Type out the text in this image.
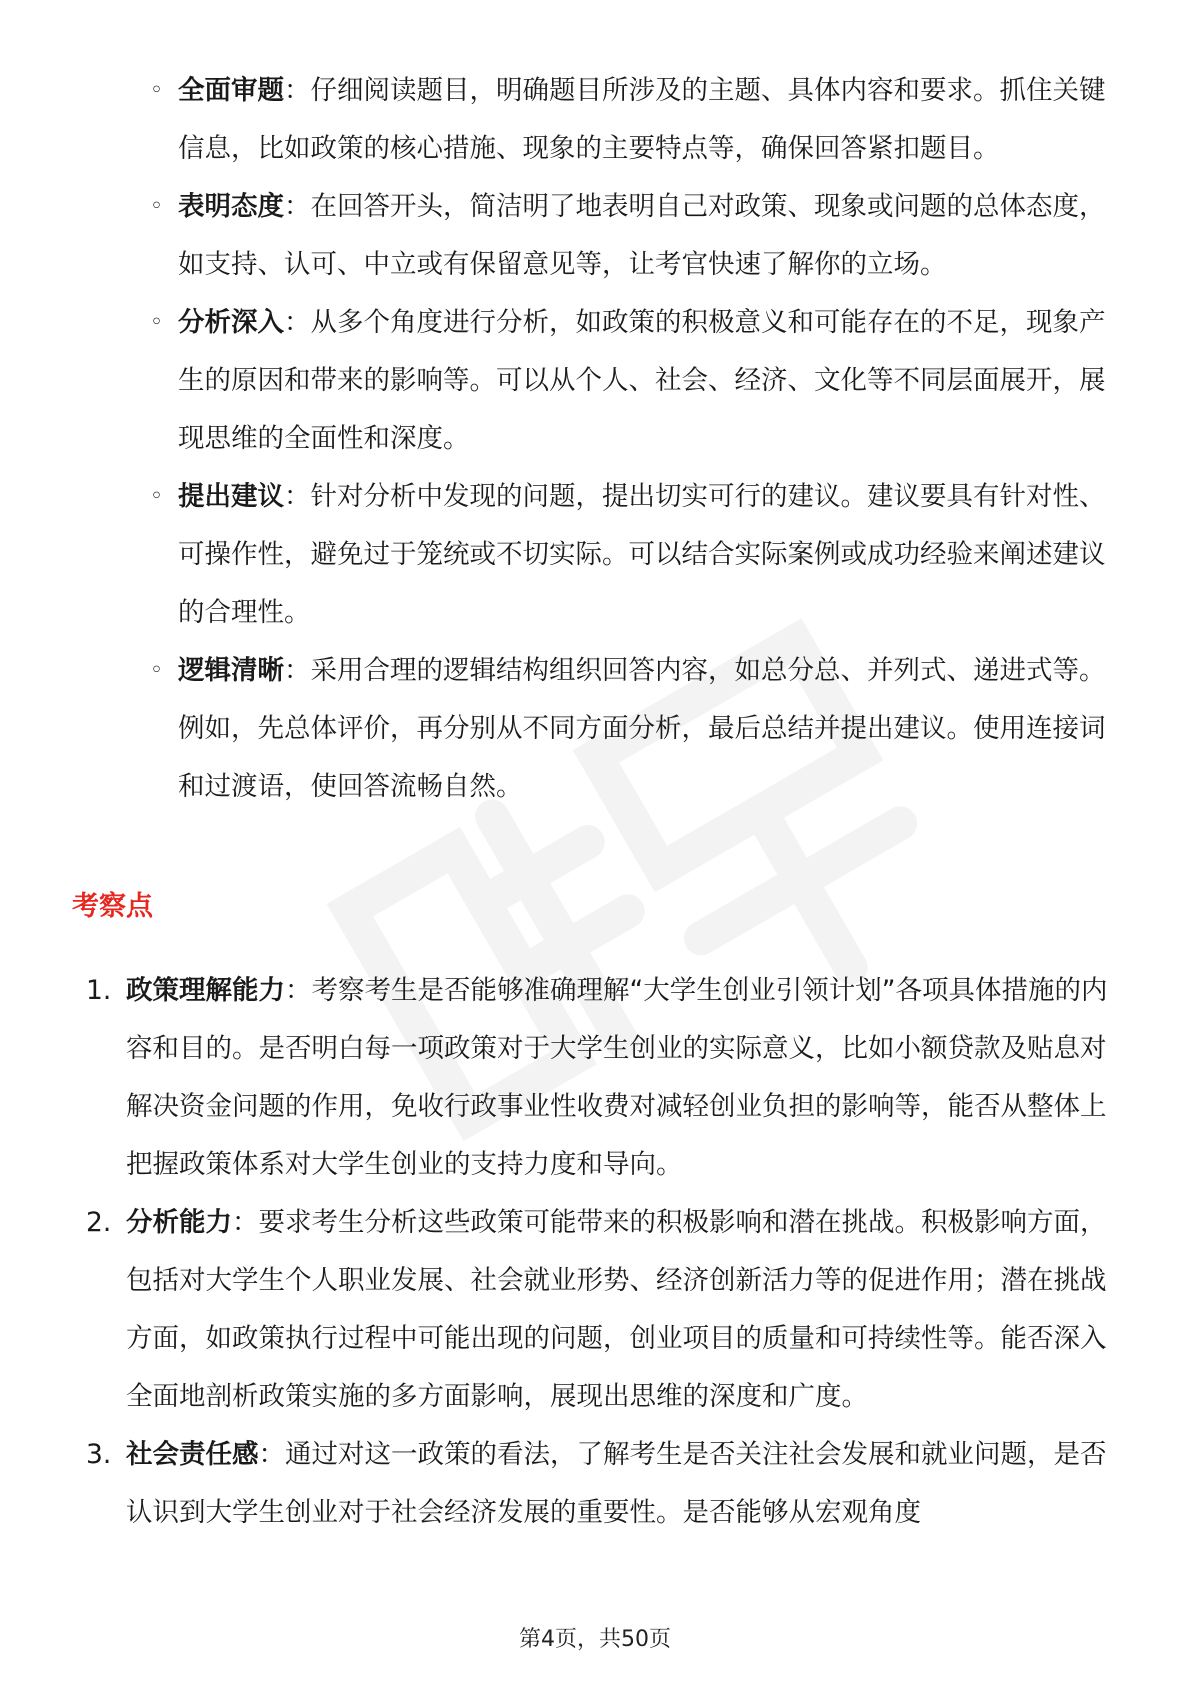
◦ 全面审题：仔细阅读题目，明确题目所涉及的主题、具体内容和要求。抓住关键信息，比如政策的核心措施、现象的主要特点等，确保回答紧扣题目。
◦ 表明态度：在回答开头，简洁明了地表明自己对政策、现象或问题的总体态度，如支持、认可、中立或有保留意见等，让考官快速了解你的立场。
◦ 分析深入：从多个角度进行分析，如政策的积极意义和可能存在的不足，现象产生的原因和带来的影响等。可以从个人、社会、经济、文化等不同层面展开，展现思维的全面性和深度。
◦ 提出建议：针对分析中发现的问题，提出切实可行的建议。建议要具有针对性、可操作性，避免过于笼统或不切实际。可以结合实际案例或成功经验来阐述建议的合理性。
◦ 逻辑清晰：采用合理的逻辑结构组织回答内容，如总分总、并列式、递进式等。例如，先总体评价，再分别从不同方面分析，最后总结并提出建议。使用连接词和过渡语，使回答流畅自然。
考察点
1. 政策理解能力：考察考生是否能够准确理解“大学生创业引领计划”各项具体措施的内容和目的。是否明白每一项政策对于大学生创业的实际意义，比如小额贷款及贴息对解决资金问题的作用，免收行政事业性收费对减轻创业负担的影响等，能否从整体上把握政策体系对大学生创业的支持力度和导向。
2. 分析能力：要求考生分析这些政策可能带来的积极影响和潜在挑战。积极影响方面，包括对大学生个人职业发展、社会就业形势、经济创新活力等的促进作用；潜在挑战方面，如政策执行过程中可能出现的问题，创业项目的质量和可持续性等。能否深入全面地剖析政策实施的多方面影响，展现出思维的深度和广度。
3. 社会责任感：通过对这一政策的看法，了解考生是否关注社会发展和就业问题，是否认识到大学生创业对于社会经济发展的重要性。是否能够从宏观角度
第4页，共50页
